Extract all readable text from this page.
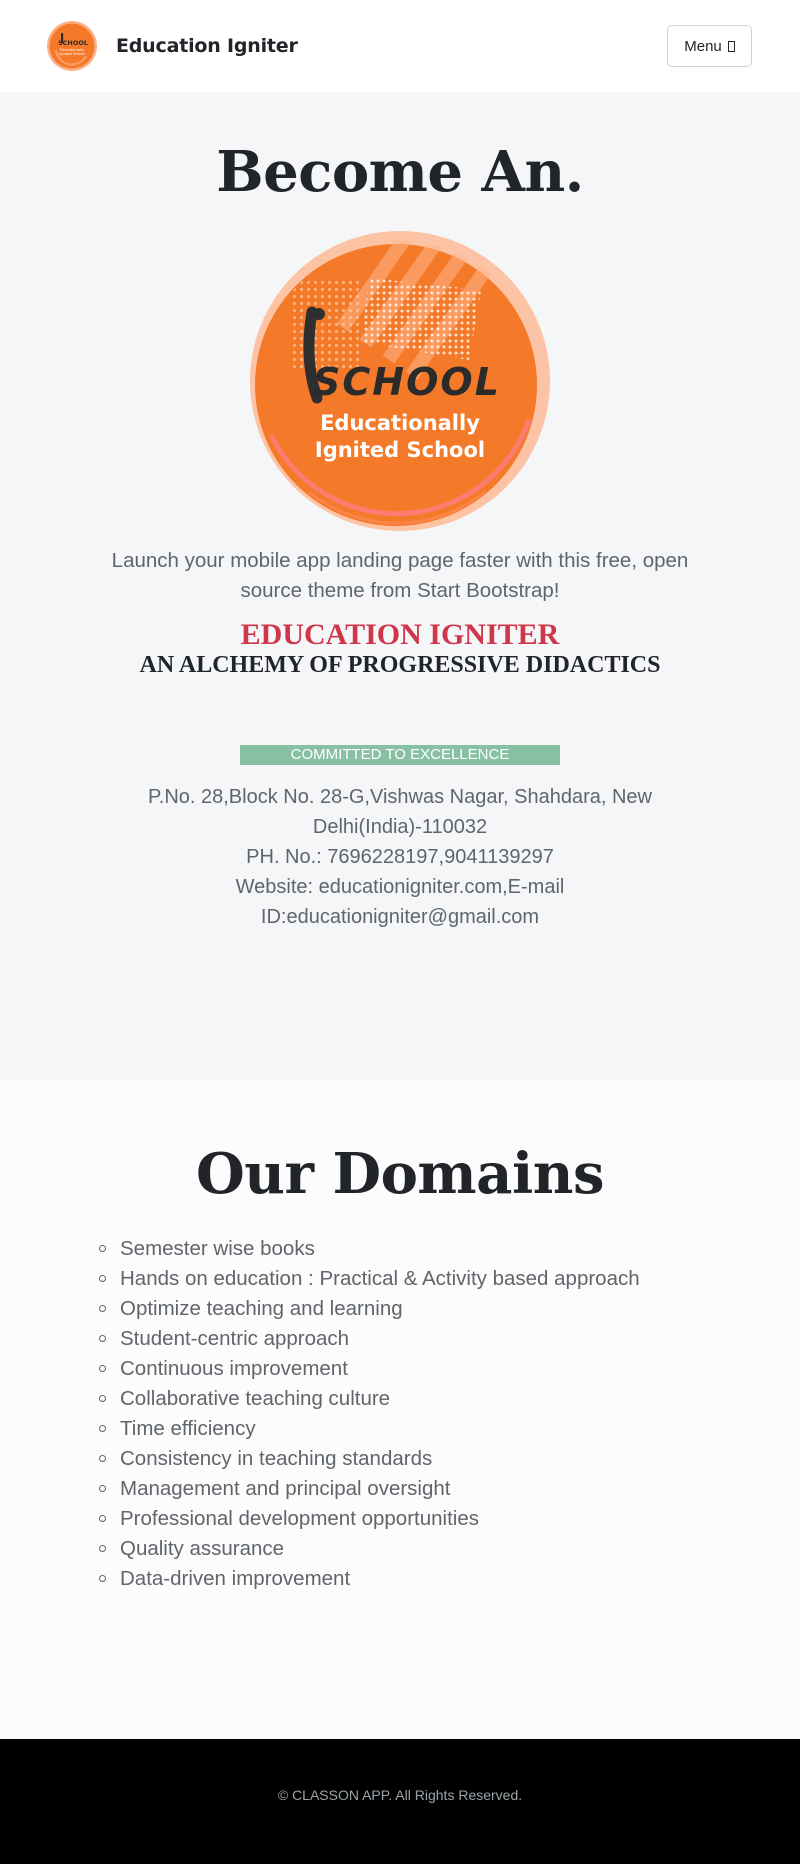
SCHOOL
Educationally
Ignited School Education Igniter	Menu
Become An.
SCHOOL
Educationally
Ignited School

Launch your mobile app landing page faster with this free, open source theme from Start Bootstrap!

EDUCATION IGNITER
AN ALCHEMY OF PROGRESSIVE DIDACTICS
COMMITTED TO EXCELLENCE
P.No. 28,Block No. 28-G,Vishwas Nagar, Shahdara, New
Delhi(India)-110032
PH. No.: 7696228197,9041139297
Website: educationigniter.com,E-mail
ID:educationigniter@gmail.com
Our Domains
Semester wise books
Hands on education : Practical & Activity based approach
Optimize teaching and learning
Student-centric approach
Continuous improvement
Collaborative teaching culture
Time efficiency
Consistency in teaching standards
Management and principal oversight
Professional development opportunities
Quality assurance
Data-driven improvement
© CLASSON APP. All Rights Reserved.
